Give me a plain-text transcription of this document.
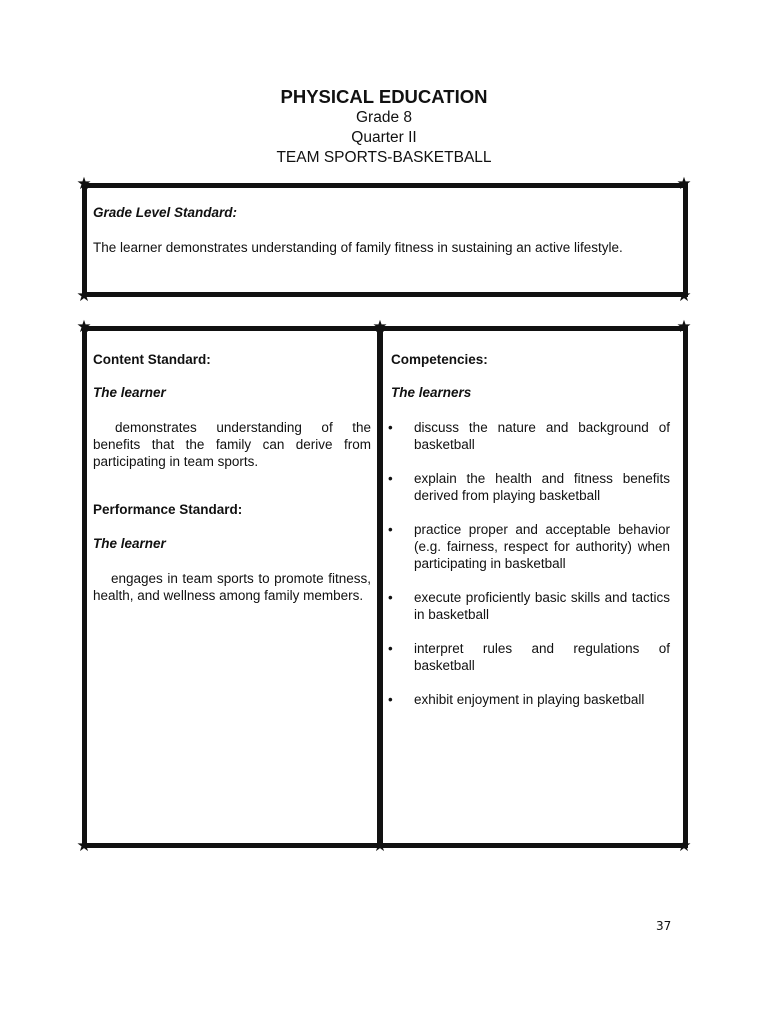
PHYSICAL EDUCATION
Grade 8
Quarter II
TEAM SPORTS-BASKETBALL
★	★
★	★
Grade Level Standard:
The learner demonstrates understanding of family fitness in sustaining an active lifestyle.
★	★	★
★	★	★
Content Standard:
The learner
demonstrates understanding of the benefits that the family can derive from participating in team sports.
Performance Standard:
The learner
engages in team sports to promote fitness, health, and wellness among family members.
Competencies:
The learners
• discuss the nature and background of basketball
• explain the health and fitness benefits derived from playing basketball
• practice proper and acceptable behavior (e.g. fairness, respect for authority) when participating in basketball
• execute proficiently basic skills and tactics in basketball
• interpret rules and regulations of basketball
• exhibit enjoyment in playing basketball
37
